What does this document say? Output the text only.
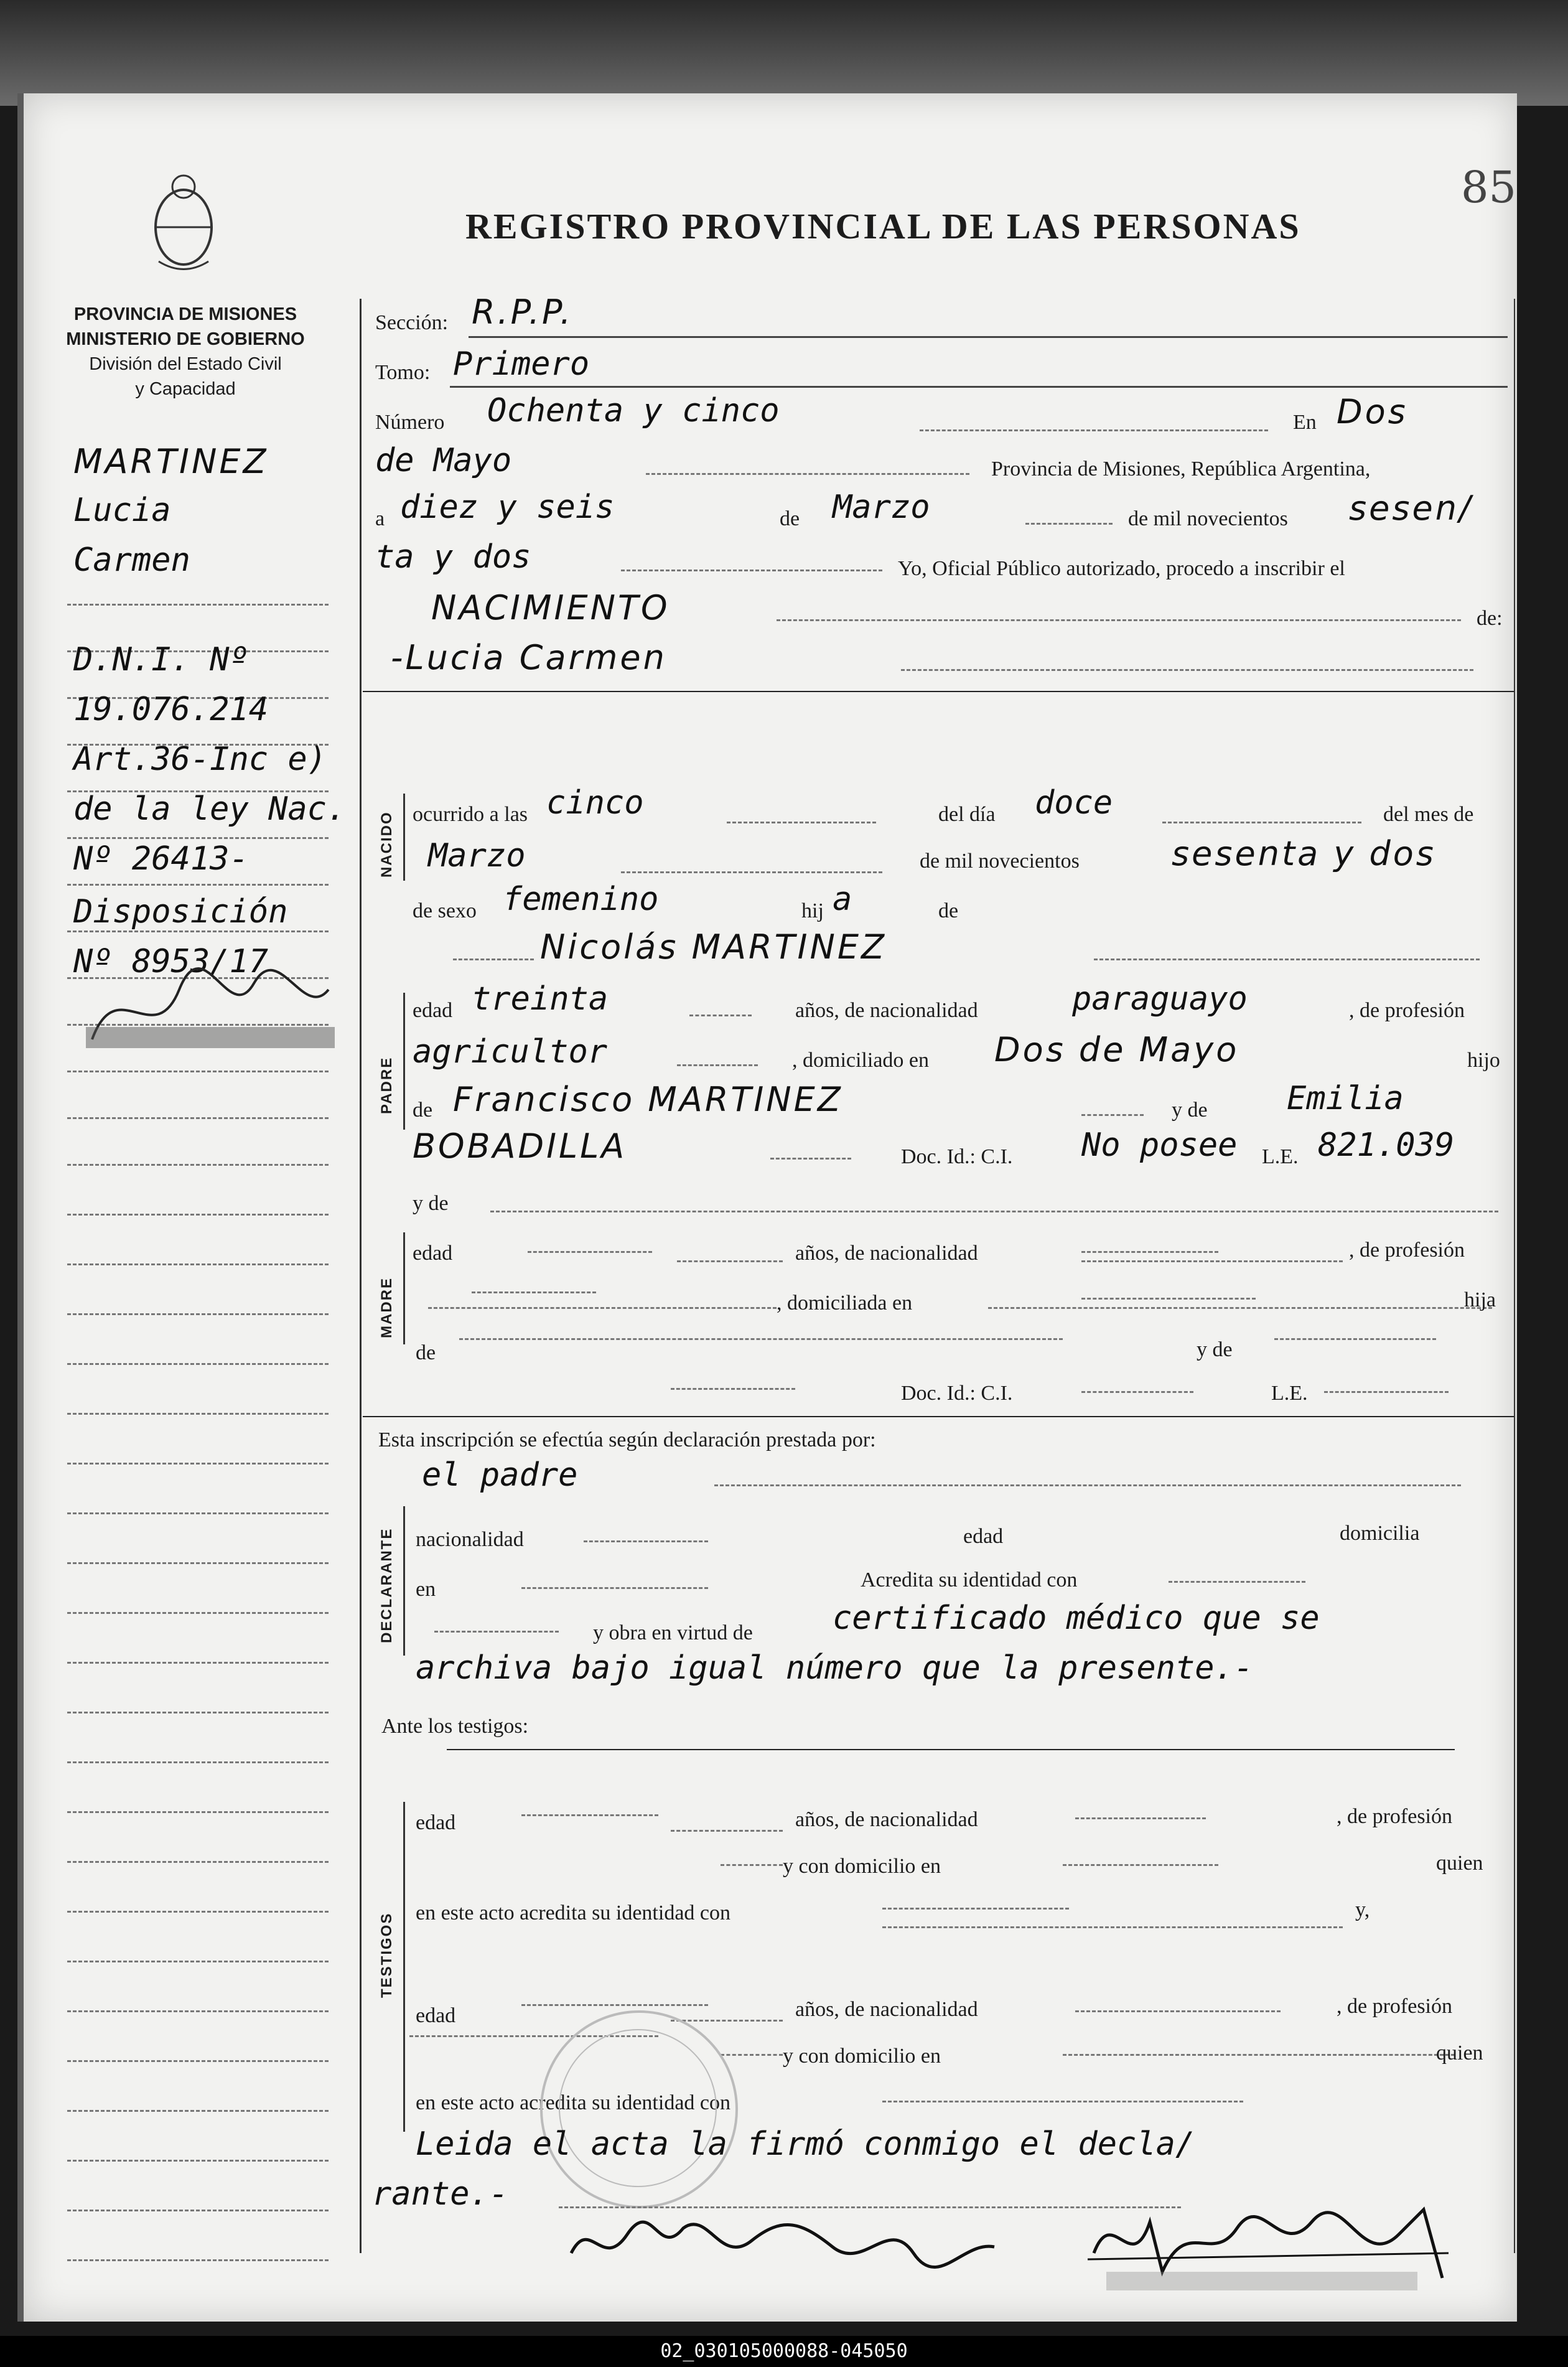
85
REGISTRO PROVINCIAL DE LAS PERSONAS
PROVINCIA DE MISIONES
MINISTERIO DE GOBIERNO
División del Estado Civil
y Capacidad
MARTINEZ
Lucia
Carmen
D.N.I. Nº
19.076.214
Art.36-Inc e)
de la ley Nac.
Nº 26413-
Disposición
Nº 8953/17
Sección: R.P.P.
Tomo: Primero
Número Ochenta y cinco	En Dos
de Mayo	Provincia de Misiones, República Argentina,
a diez y seis	de Marzo	de mil novecientos sesen/
ta y dos	Yo, Oficial Público autorizado, procedo a inscribir el
NACIMIENTO	de:
-Lucia Carmen
NACIDO ocurrido a las cinco	del día doce	del mes de
Marzo	de mil novecientos	sesenta y dos
de sexo femenino	hij a	de
PADRE
Nicolás MARTINEZ
edad treinta	años, de nacionalidad	paraguayo	, de profesión
agricultor	, domiciliado en Dos de Mayo	hijo
de Francisco MARTINEZ	y de Emilia
BOBADILLA	Doc. Id.: C.I. No posee L.E. 821.039
MADRE
y de
edad	años, de nacionalidad	, de profesión
, domiciliada en	hija
de	y de
Doc. Id.: C.I.	L.E.
Esta inscripción se efectúa según declaración prestada por:
DECLARANTE
el padre
nacionalidad	edad	domicilia
en	Acredita su identidad con
y obra en virtud de certificado médico que se
archiva bajo igual número que la presente.-
Ante los testigos:
TESTIGOS
edad	años, de nacionalidad	, de profesión
y con domicilio en	quien
en este acto acredita su identidad con	y,
edad	años, de nacionalidad	, de profesión
y con domicilio en	quien
en este acto acredita su identidad con
Leida el acta la firmó conmigo el decla/
rante.-
02_030105000088-045050
